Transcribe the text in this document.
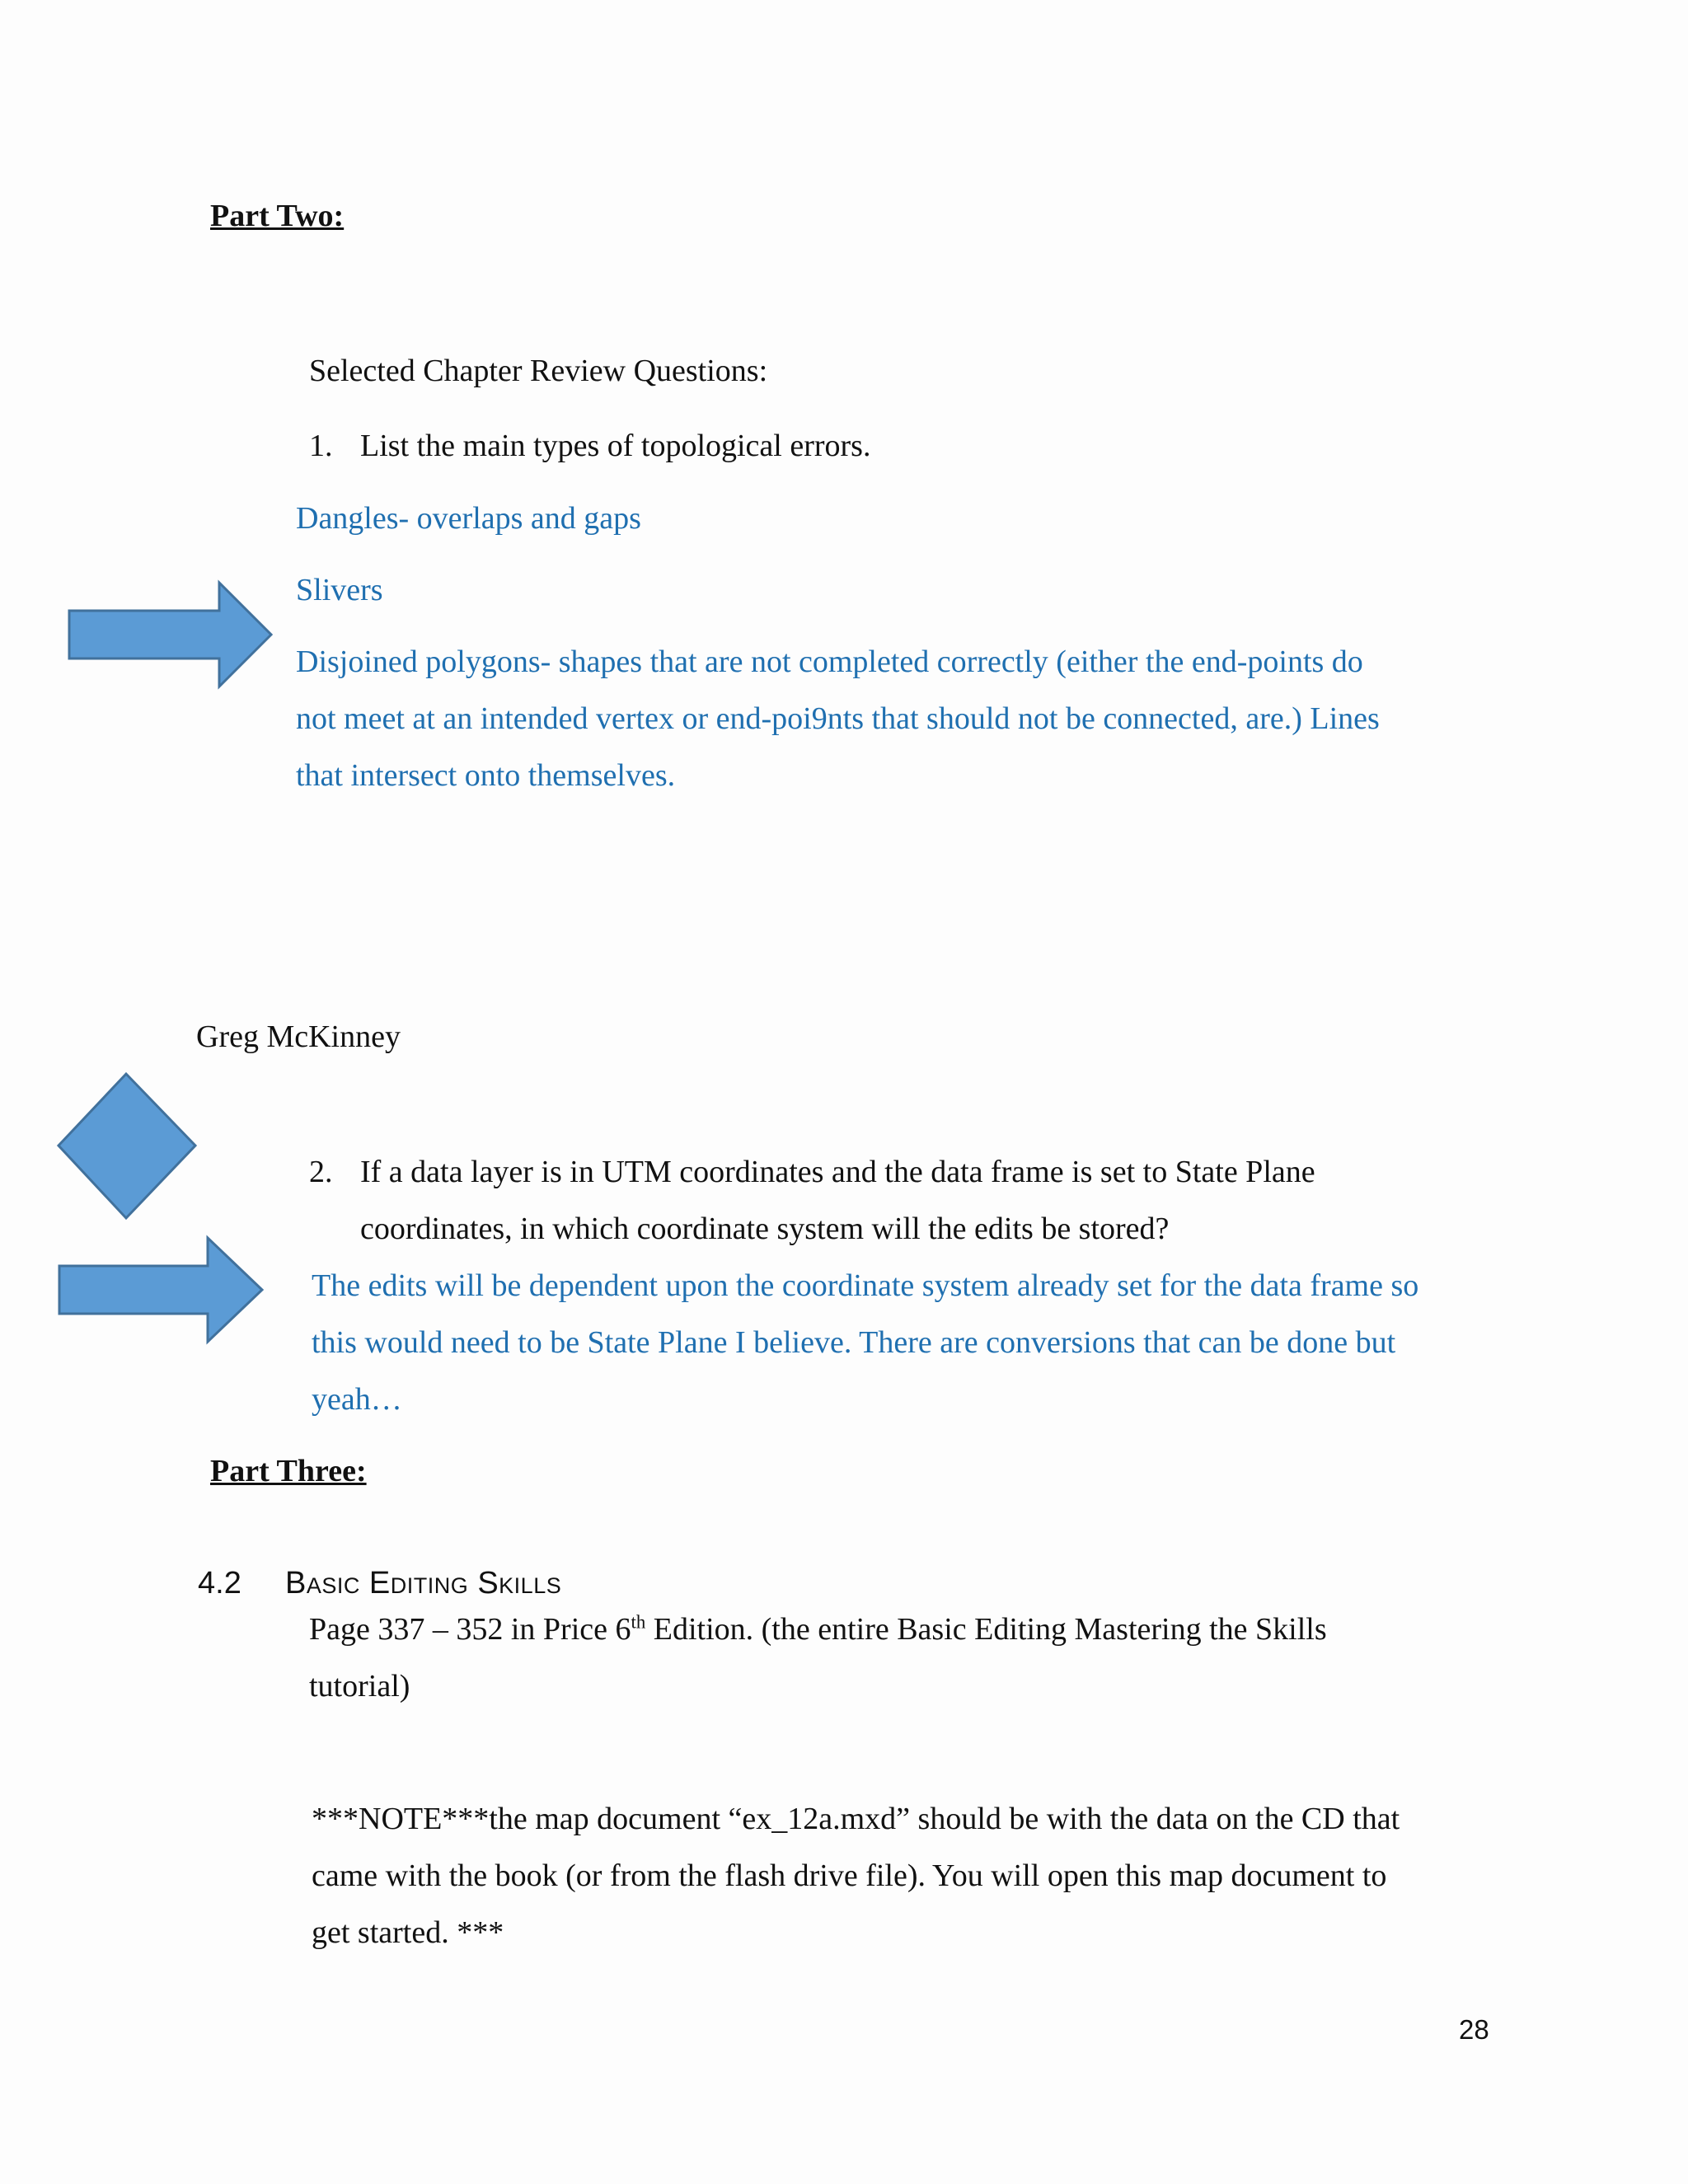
Part Two:
Selected Chapter Review Questions:
1. List the main types of topological errors.
Dangles- overlaps and gaps
Slivers
Disjoined polygons- shapes that are not completed correctly (either the end-points do
not meet at an intended vertex or end-poi9nts that should not be connected, are.) Lines
that intersect onto themselves.
Greg McKinney
2. If a data layer is in UTM coordinates and the data frame is set to State Plane
coordinates, in which coordinate system will the edits be stored?
The edits will be dependent upon the coordinate system already set for the data frame so
this would need to be State Plane I believe. There are conversions that can be done but
yeah…
Part Three:
4.2 Basic Editing Skills
Page 337 – 352 in Price 6th Edition. (the entire Basic Editing Mastering the Skills
tutorial)
***NOTE***the map document “ex_12a.mxd” should be with the data on the CD that
came with the book (or from the flash drive file). You will open this map document to
get started. ***
28
